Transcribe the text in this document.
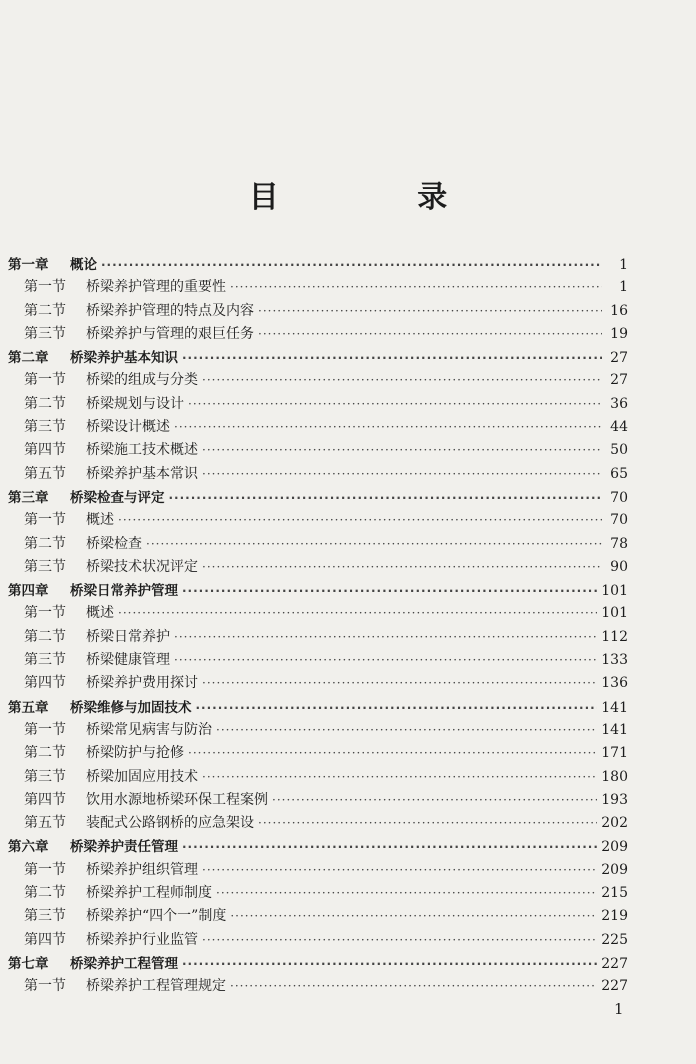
目 录
第一章	概论 ·····	1
第一节	桥梁养护管理的重要性 ·····	1
第二节	桥梁养护管理的特点及内容 ·····	16
第三节	桥梁养护与管理的艰巨任务 ·····	19
第二章	桥梁养护基本知识 ·····	27
第一节	桥梁的组成与分类 ·····	27
第二节	桥梁规划与设计 ·····	36
第三节	桥梁设计概述 ·····	44
第四节	桥梁施工技术概述 ·····	50
第五节	桥梁养护基本常识 ·····	65
第三章	桥梁检查与评定 ·····	70
第一节	概述 ·····	70
第二节	桥梁检查 ·····	78
第三节	桥梁技术状况评定 ·····	90
第四章	桥梁日常养护管理 ·····	101
第一节	概述 ·····	101
第二节	桥梁日常养护 ·····	112
第三节	桥梁健康管理 ·····	133
第四节	桥梁养护费用探讨 ·····	136
第五章	桥梁维修与加固技术 ·····	141
第一节	桥梁常见病害与防治 ·····	141
第二节	桥梁防护与抢修 ·····	171
第三节	桥梁加固应用技术 ·····	180
第四节	饮用水源地桥梁环保工程案例 ·····	193
第五节	装配式公路钢桥的应急架设 ·····	202
第六章	桥梁养护责任管理 ·····	209
第一节	桥梁养护组织管理 ·····	209
第二节	桥梁养护工程师制度 ·····	215
第三节	桥梁养护“四个一”制度 ·····	219
第四节	桥梁养护行业监管 ·····	225
第七章	桥梁养护工程管理 ·····	227
第一节	桥梁养护工程管理规定 ·····	227
1
